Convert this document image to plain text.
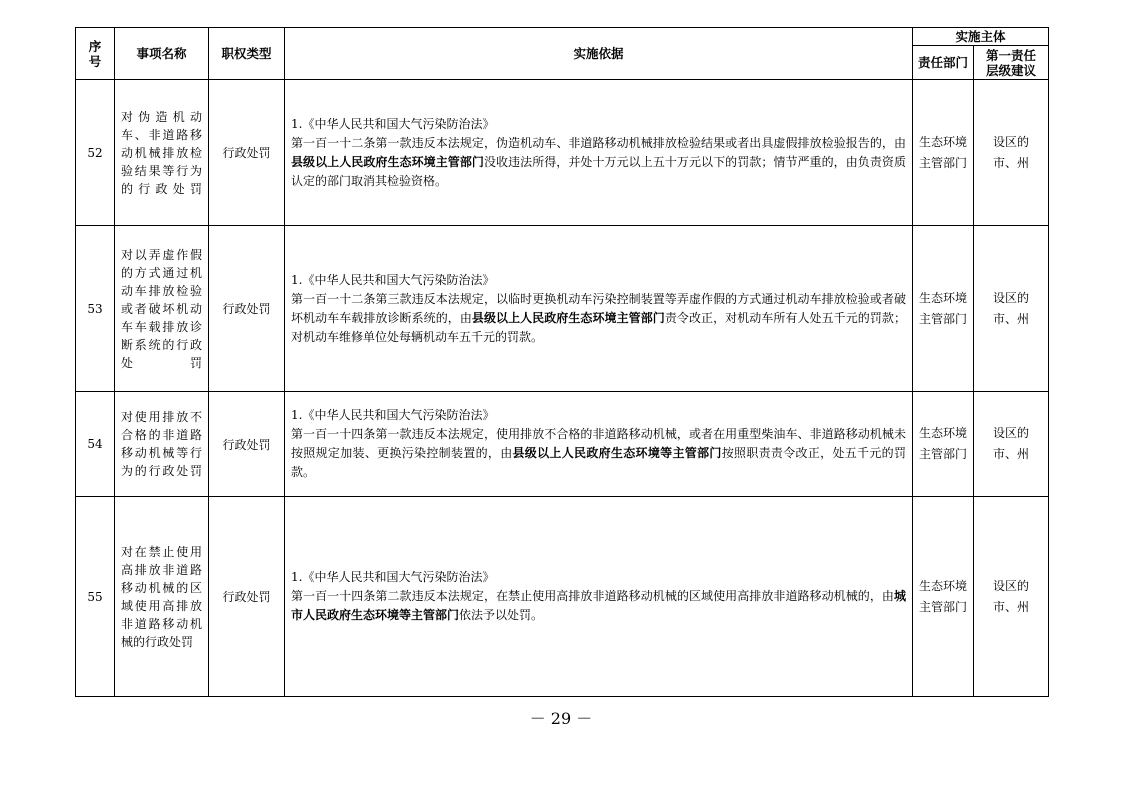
序号	事项名称	职权类型	实施依据	实施主体	
				责任部门	第一责任层级建议
52	对伪造机动车、非道路移动机械排放检验结果等行为的行政处罚	行政处罚	1.《中华人民共和国大气污染防治法》
第一百一十二条第一款违反本法规定，伪造机动车、非道路移动机械排放检验结果或者出具虚假排放检验报告的，由县级以上人民政府生态环境主管部门没收违法所得，并处十万元以上五十万元以下的罚款；情节严重的，由负责资质认定的部门取消其检验资格。	生态环境主管部门	设区的市、州
53	对以弄虚作假的方式通过机动车排放检验或者破坏机动车车载排放诊断系统的行政处罚	行政处罚	1.《中华人民共和国大气污染防治法》
第一百一十二条第三款违反本法规定，以临时更换机动车污染控制装置等弄虚作假的方式通过机动车排放检验或者破坏机动车车载排放诊断系统的，由县级以上人民政府生态环境主管部门责令改正，对机动车所有人处五千元的罚款；对机动车维修单位处每辆机动车五千元的罚款。	生态环境主管部门	设区的市、州
54	对使用排放不合格的非道路移动机械等行为的行政处罚	行政处罚	1.《中华人民共和国大气污染防治法》
第一百一十四条第一款违反本法规定，使用排放不合格的非道路移动机械，或者在用重型柴油车、非道路移动机械未按照规定加装、更换污染控制装置的，由县级以上人民政府生态环境等主管部门按照职责责令改正，处五千元的罚款。	生态环境主管部门	设区的市、州
55	对在禁止使用高排放非道路移动机械的区域使用高排放非道路移动机械的行政处罚	行政处罚	1.《中华人民共和国大气污染防治法》
第一百一十四条第二款违反本法规定，在禁止使用高排放非道路移动机械的区域使用高排放非道路移动机械的，由城市人民政府生态环境等主管部门依法予以处罚。	生态环境主管部门	设区的市、州
－ 29 －
